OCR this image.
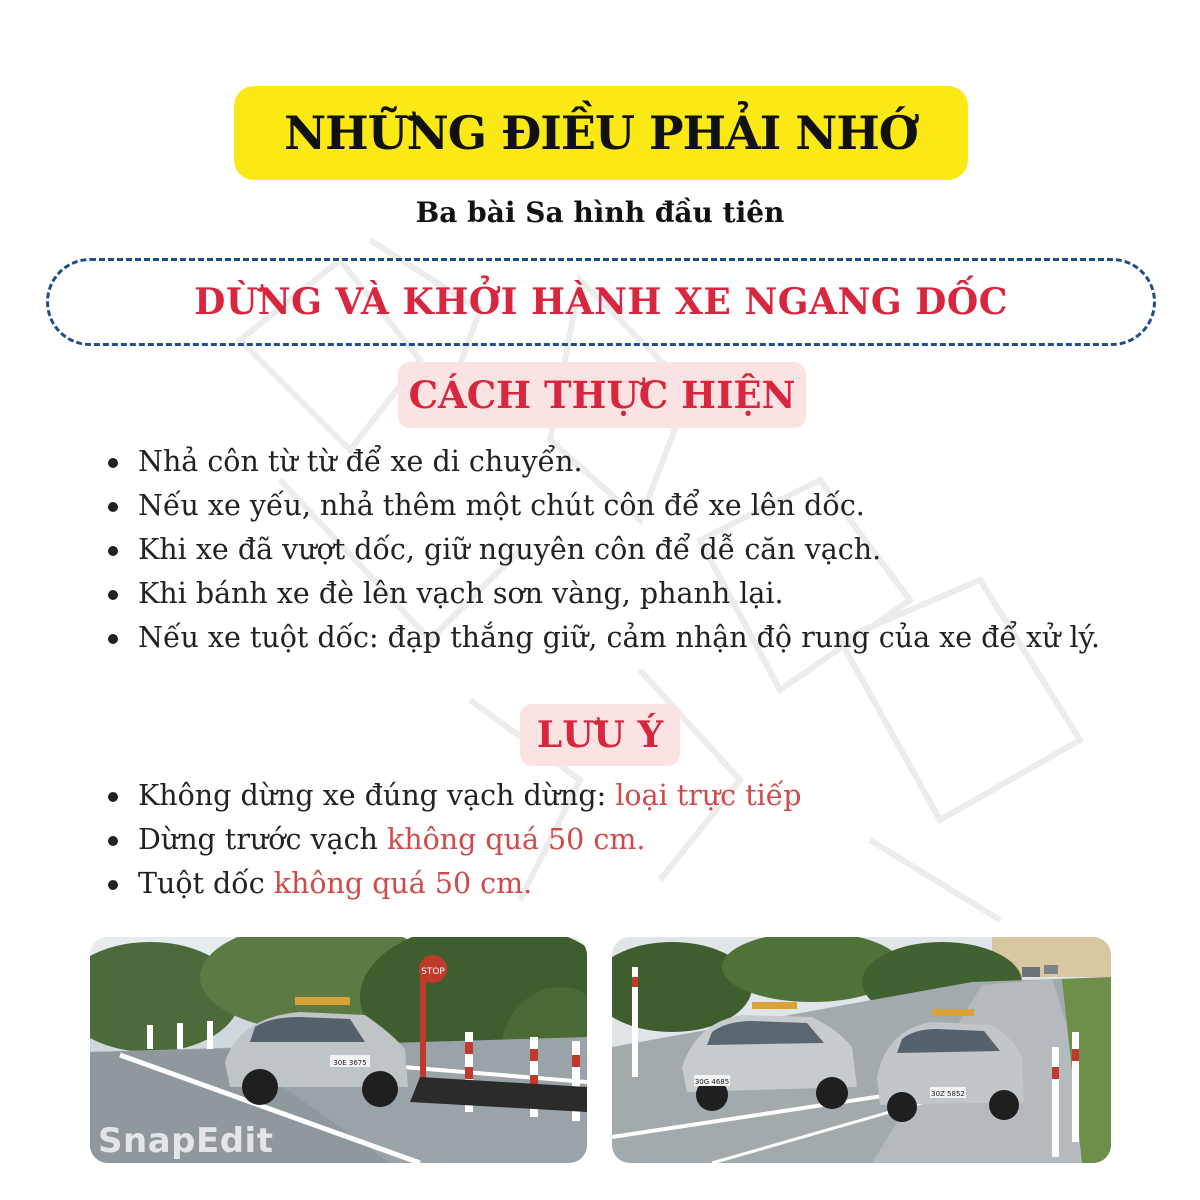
NHỮNG ĐIỀU PHẢI NHỚ
Ba bài Sa hình đầu tiên
DỪNG VÀ KHỞI HÀNH XE NGANG DỐC
CÁCH THỰC HIỆN
Nhả côn từ từ để xe di chuyển.
Nếu xe yếu, nhả thêm một chút côn để xe lên dốc.
Khi xe đã vượt dốc, giữ nguyên côn để dễ căn vạch.
Khi bánh xe đè lên vạch sơn vàng, phanh lại.
Nếu xe tuột dốc: đạp thắng giữ, cảm nhận độ rung của xe để xử lý.
LƯU Ý
Không dừng xe đúng vạch dừng: loại trực tiếp
Dừng trước vạch không quá 50 cm.
Tuột dốc không quá 50 cm.
STOP
30E 3675
SnapEdit
30G 4685
30Z 5852
